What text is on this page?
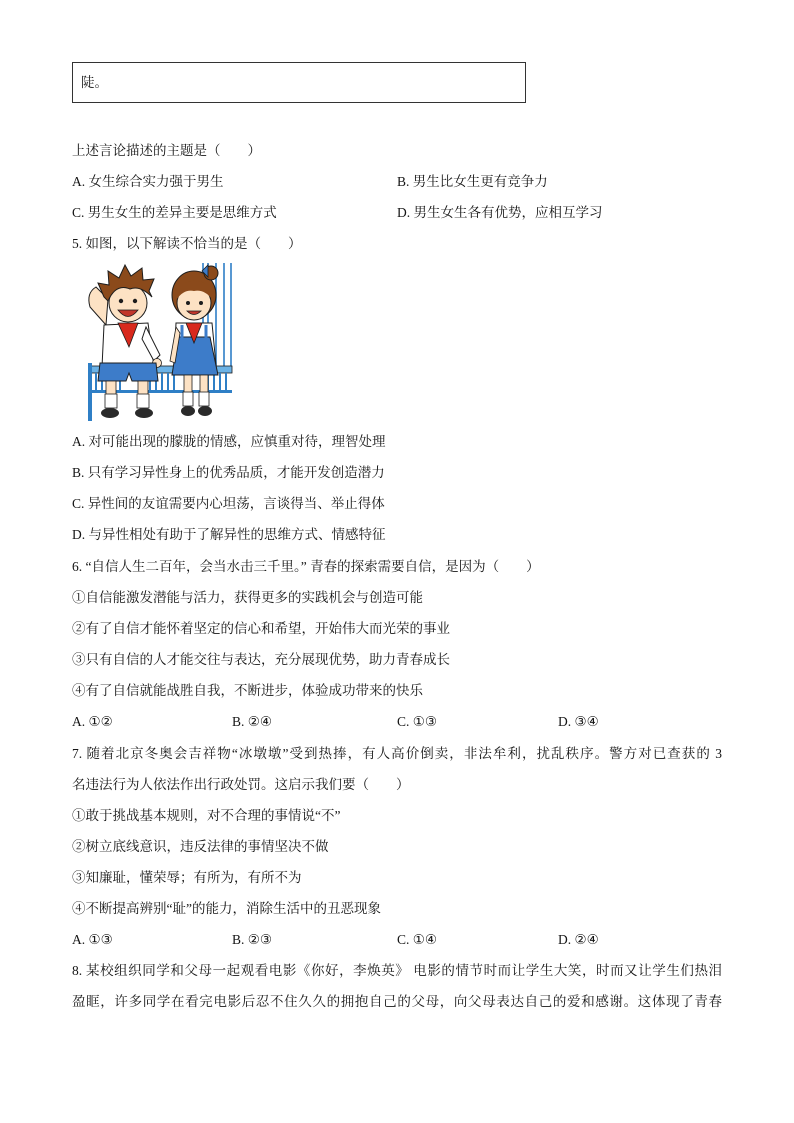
陡。
上述言论描述的主题是（　　）
A. 女生综合实力强于男生	B. 男生比女生更有竞争力
C. 男生女生的差异主要是思维方式	D. 男生女生各有优势，应相互学习
5. 如图，以下解读不恰当的是（　　）
A. 对可能出现的朦胧的情感，应慎重对待，理智处理
B. 只有学习异性身上的优秀品质，才能开发创造潜力
C. 异性间的友谊需要内心坦荡，言谈得当、举止得体
D. 与异性相处有助于了解异性的思维方式、情感特征
6. “自信人生二百年，会当水击三千里。” 青春的探索需要自信，是因为（　　）
①自信能激发潜能与活力，获得更多的实践机会与创造可能
②有了自信才能怀着坚定的信心和希望，开始伟大而光荣的事业
③只有自信的人才能交往与表达，充分展现优势，助力青春成长
④有了自信就能战胜自我，不断进步，体验成功带来的快乐
A. ①②	B. ②④	C. ①③	D. ③④
7. 随着北京冬奥会吉祥物“冰墩墩”受到热捧，有人高价倒卖，非法牟利，扰乱秩序。警方对已查获的 3
名违法行为人依法作出行政处罚。这启示我们要（　　）
①敢于挑战基本规则，对不合理的事情说“不”
②树立底线意识，违反法律的事情坚决不做
③知廉耻，懂荣辱；有所为，有所不为
④不断提高辨别“耻”的能力，消除生活中的丑恶现象
A. ①③	B. ②③	C. ①④	D. ②④
8. 某校组织同学和父母一起观看电影《你好，李焕英》 电影的情节时而让学生大笑，时而又让学生们热泪
盈眶，许多同学在看完电影后忍不住久久的拥抱自己的父母，向父母表达自己的爱和感谢。这体现了青春
